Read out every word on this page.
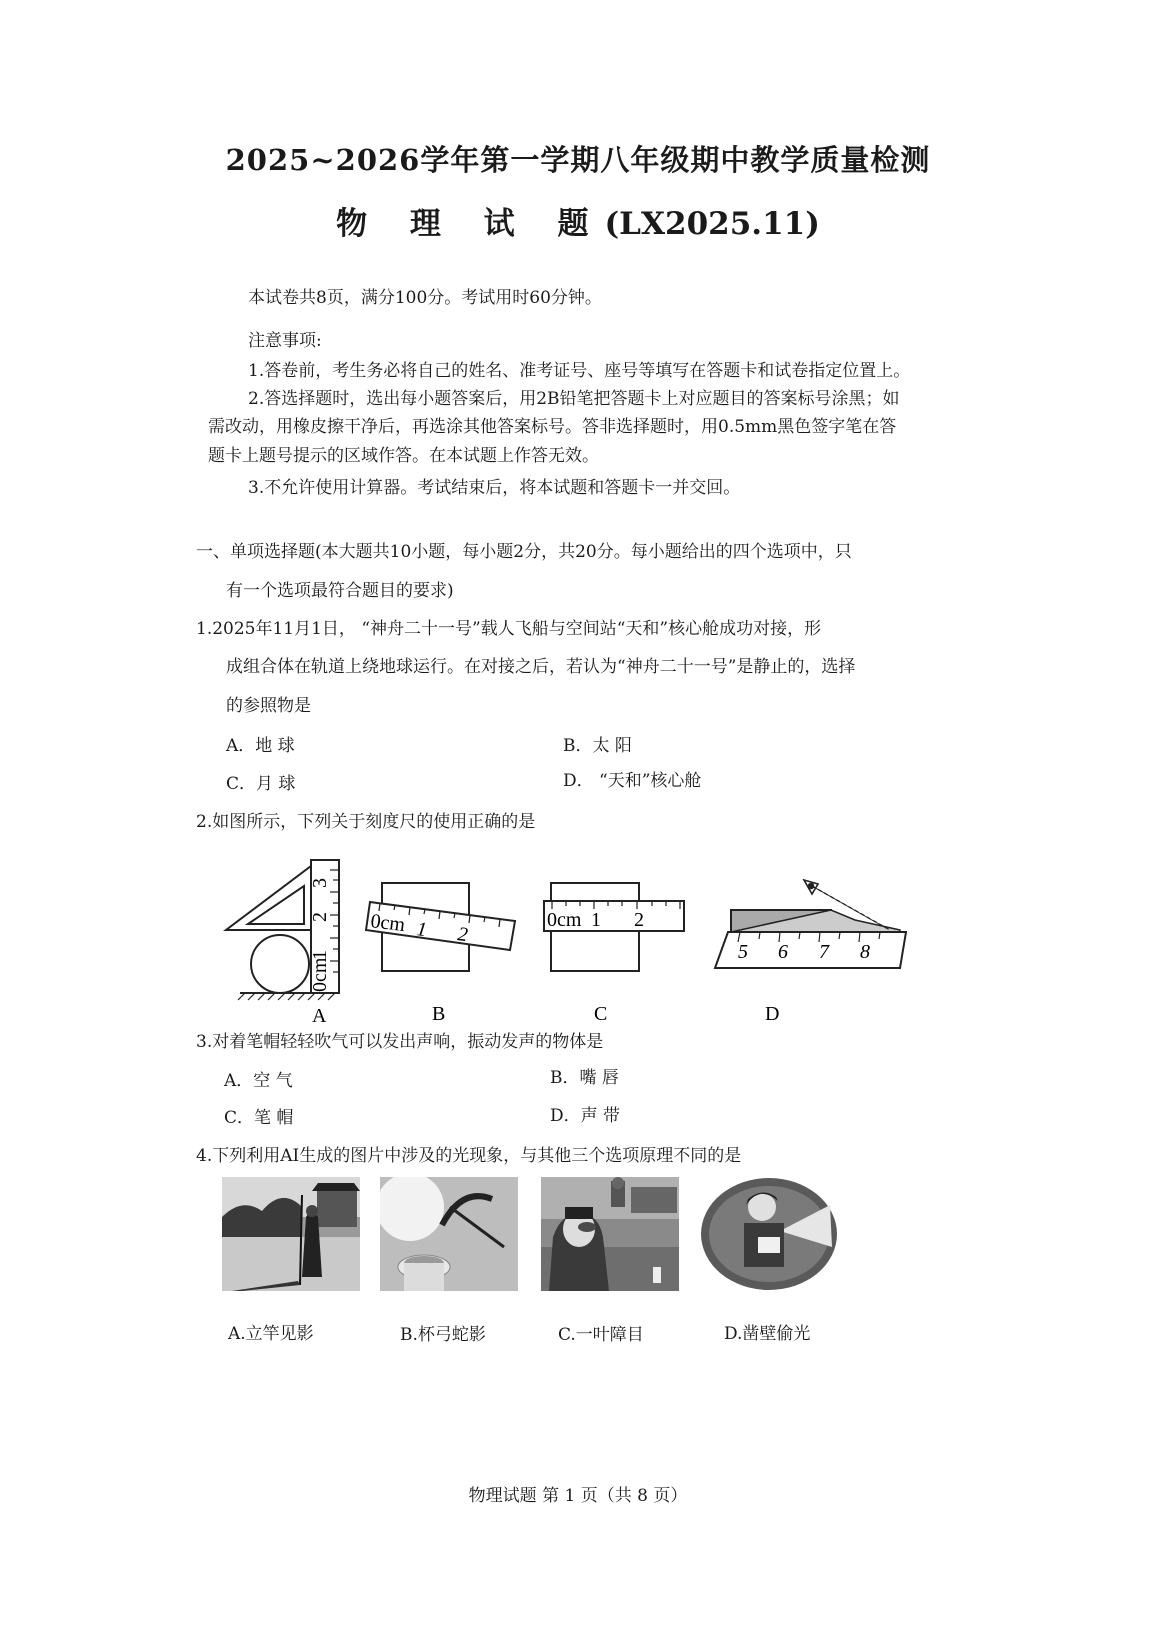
2025~2026学年第一学期八年级期中教学质量检测
物 理 试 题(LX2025.11)
本试卷共8页，满分100分。考试用时60分钟。
注意事项:
1.答卷前，考生务必将自己的姓名、准考证号、座号等填写在答题卡和试卷指定位置上。
2.答选择题时，选出每小题答案后，用2B铅笔把答题卡上对应题目的答案标号涂黑；如
需改动，用橡皮擦干净后，再选涂其他答案标号。答非选择题时，用0.5mm黑色签字笔在答
题卡上题号提示的区域作答。在本试题上作答无效。
3.不允许使用计算器。考试结束后，将本试题和答题卡一并交回。
一、单项选择题(本大题共10小题，每小题2分，共20分。每小题给出的四个选项中，只
有一个选项最符合题目的要求)
1.2025年11月1日， “神舟二十一号”载人飞船与空间站“天和”核心舱成功对接，形
成组合体在轨道上绕地球运行。在对接之后，若认为“神舟二十一号”是静止的，选择
的参照物是
A．地 球	B．太 阳
C．月 球	D． “天和”核心舱
2.如图所示，下列关于刻度尺的使用正确的是
0cm
1
2
3
0cm 1 2
0cm 1 2
5 6 7 8
A	B	C	D
3.对着笔帽轻轻吹气可以发出声响，振动发声的物体是
A．空 气	B．嘴 唇
C．笔 帽	D．声 带
4.下列利用AI生成的图片中涉及的光现象，与其他三个选项原理不同的是
A.立竿见影	B.杯弓蛇影	C.一叶障目	D.凿壁偷光
物理试题 第 1 页（共 8 页）
